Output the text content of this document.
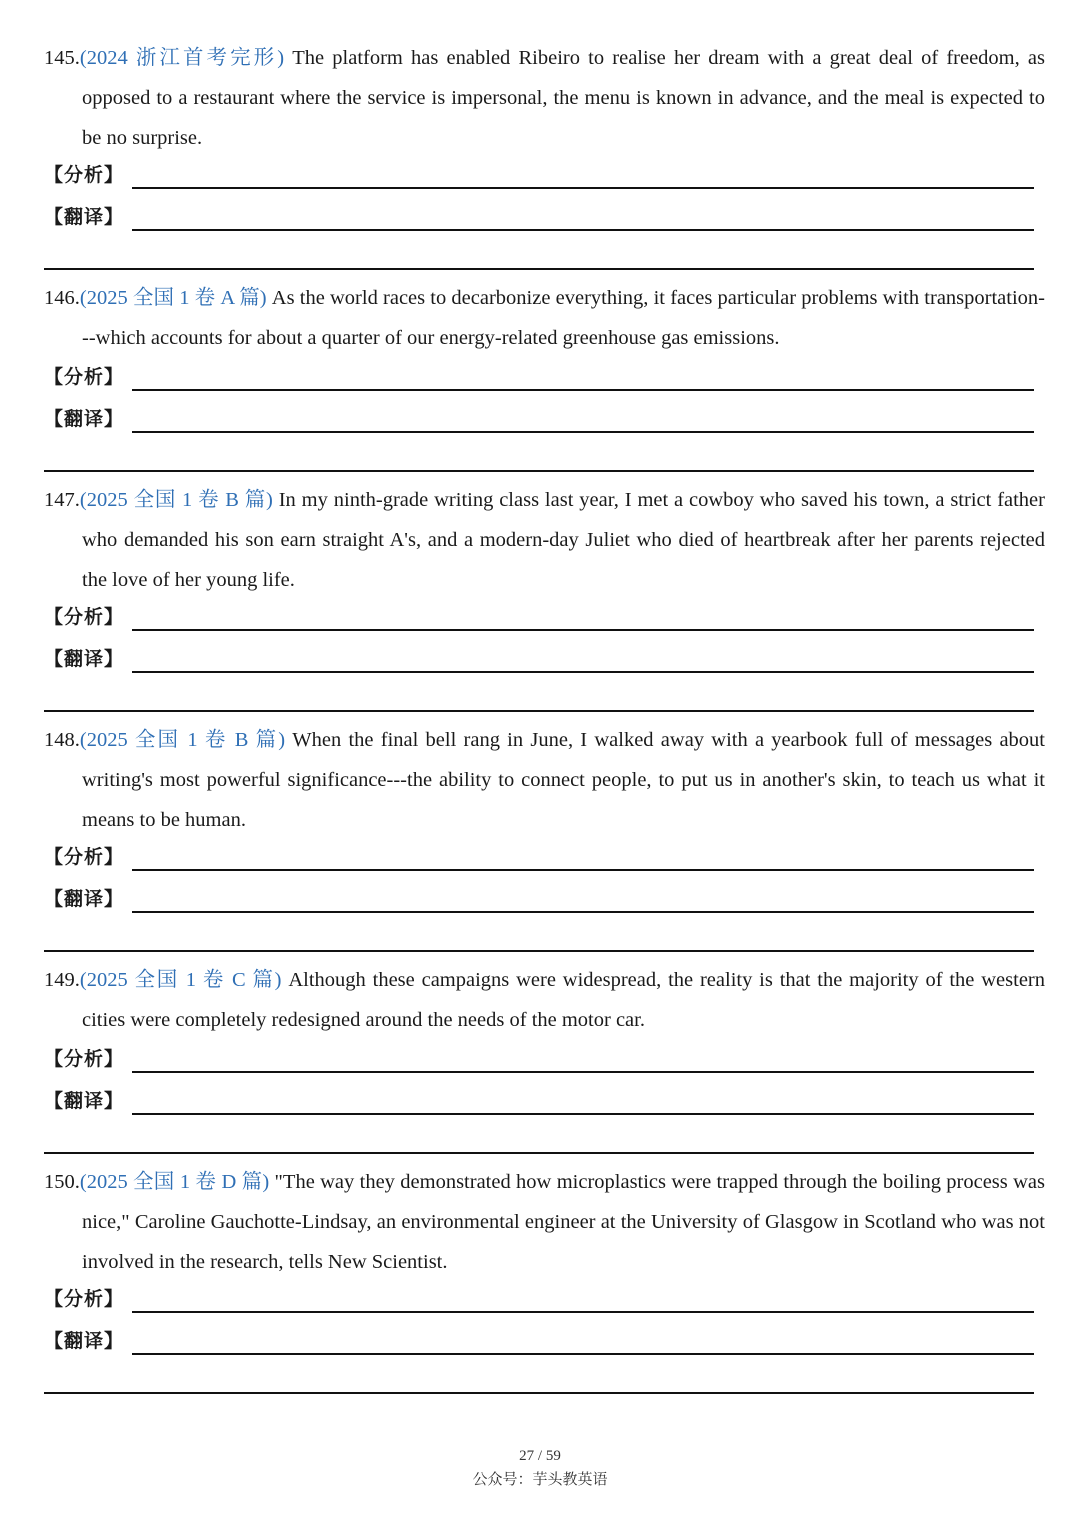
145.(2024 浙江首考完形) The platform has enabled Ribeiro to realise her dream with a great deal of freedom, as opposed to a restaurant where the service is impersonal, the menu is known in advance, and the meal is expected to be no surprise.
【分析】
【翻译】
146.(2025 全国 1 卷 A 篇) As the world races to decarbonize everything, it faces particular problems with transportation---which accounts for about a quarter of our energy-related greenhouse gas emissions.
【分析】
【翻译】
147.(2025 全国 1 卷 B 篇) In my ninth-grade writing class last year, I met a cowboy who saved his town, a strict father who demanded his son earn straight A's, and a modern-day Juliet who died of heartbreak after her parents rejected the love of her young life.
【分析】
【翻译】
148.(2025 全国 1 卷 B 篇) When the final bell rang in June, I walked away with a yearbook full of messages about writing's most powerful significance---the ability to connect people, to put us in another's skin, to teach us what it means to be human.
【分析】
【翻译】
149.(2025 全国 1 卷 C 篇) Although these campaigns were widespread, the reality is that the majority of the western cities were completely redesigned around the needs of the motor car.
【分析】
【翻译】
150.(2025 全国 1 卷 D 篇) "The way they demonstrated how microplastics were trapped through the boiling process was nice," Caroline Gauchotte-Lindsay, an environmental engineer at the University of Glasgow in Scotland who was not involved in the research, tells New Scientist.
【分析】
【翻译】
27 / 59
公众号：芋头教英语
